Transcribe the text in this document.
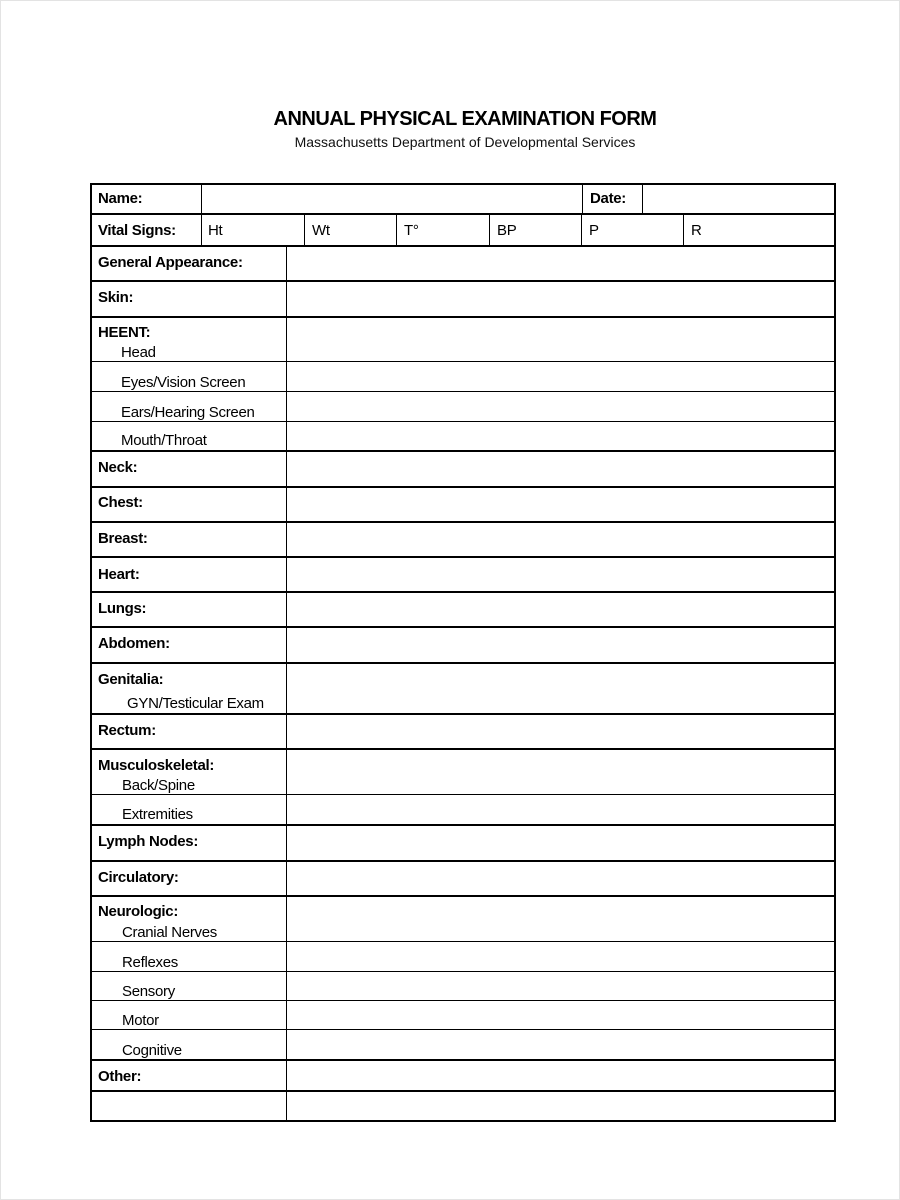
ANNUAL PHYSICAL EXAMINATION FORM
Massachusetts Department of Developmental Services
Name:	Date:
Vital Signs: Ht	Wt	T°	BP	P	R
General Appearance:
Skin:
HEENT:
Head
Eyes/Vision Screen
Ears/Hearing Screen
Mouth/Throat
Neck:
Chest:
Breast:
Heart:
Lungs:
Abdomen:
Genitalia:
GYN/Testicular Exam
Rectum:
Musculoskeletal:
Back/Spine
Extremities
Lymph Nodes:
Circulatory:
Neurologic:
Cranial Nerves
Reflexes
Sensory
Motor
Cognitive
Other:
